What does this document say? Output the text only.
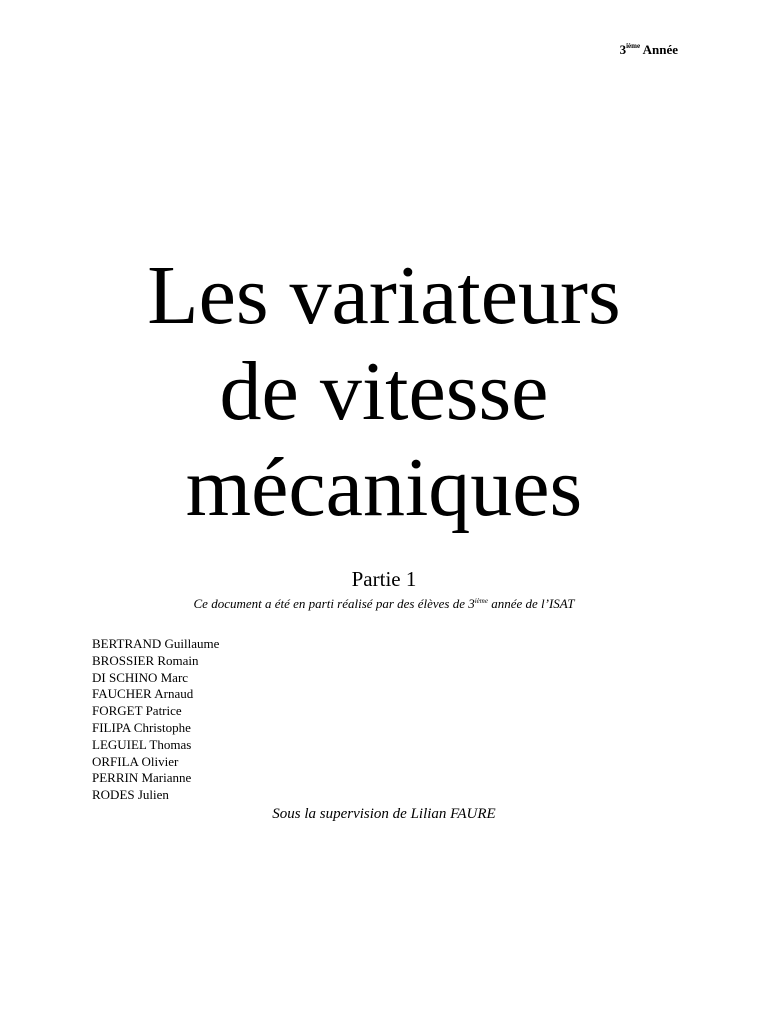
3ième Année
Les variateurs
de vitesse
mécaniques
Partie 1
Ce document a été en parti réalisé par des élèves de 3ième année de l’ISAT
BERTRAND Guillaume
BROSSIER Romain
DI SCHINO Marc
FAUCHER Arnaud
FORGET Patrice
FILIPA Christophe
LEGUIEL Thomas
ORFILA Olivier
PERRIN Marianne
RODES Julien
Sous la supervision de Lilian FAURE
